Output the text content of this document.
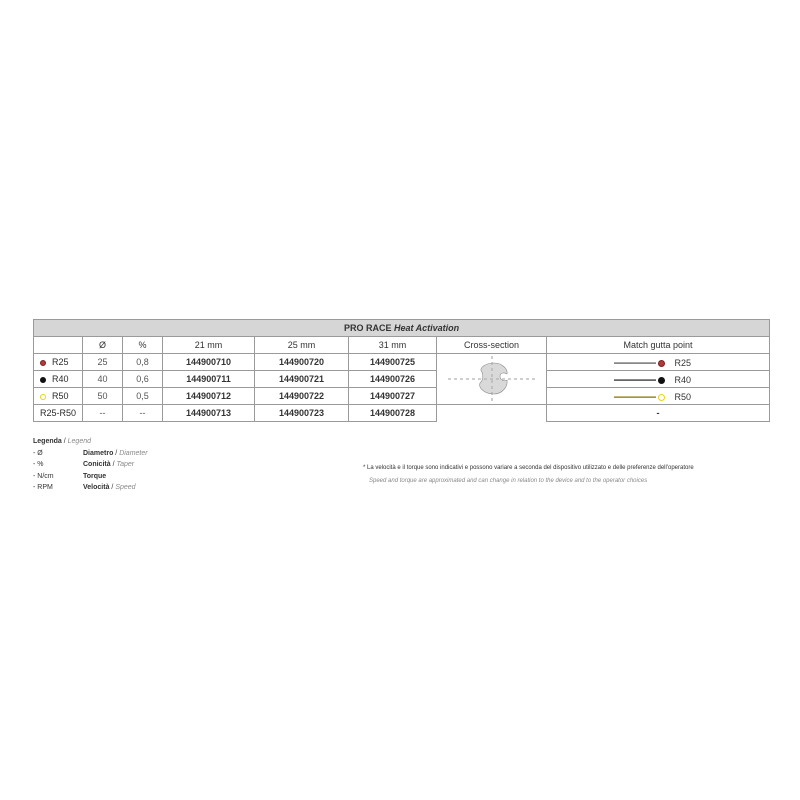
PRO RACE Heat Activation							
	Ø	%	21 mm	25 mm	31 mm	Cross-section	Match gutta point
R25	25	0,8	144900710	144900720	144900725		R25

R40	40	0,6	144900711	144900721	144900726		R40

R50	50	0,5	144900712	144900722	144900727		R50

R25-R50	--	--	144900713	144900723	144900728		-
Legenda / Legend
- Ø	Diametro / Diameter
- %	Conicità / Taper
- N/cm	Torque
- RPM	Velocità / Speed
* La velocità e il torque sono indicativi e possono variare a seconda del dispositivo utilizzato e delle preferenze dell'operatore
Speed and torque are approximated and can change in relation to the device and to the operator choices
